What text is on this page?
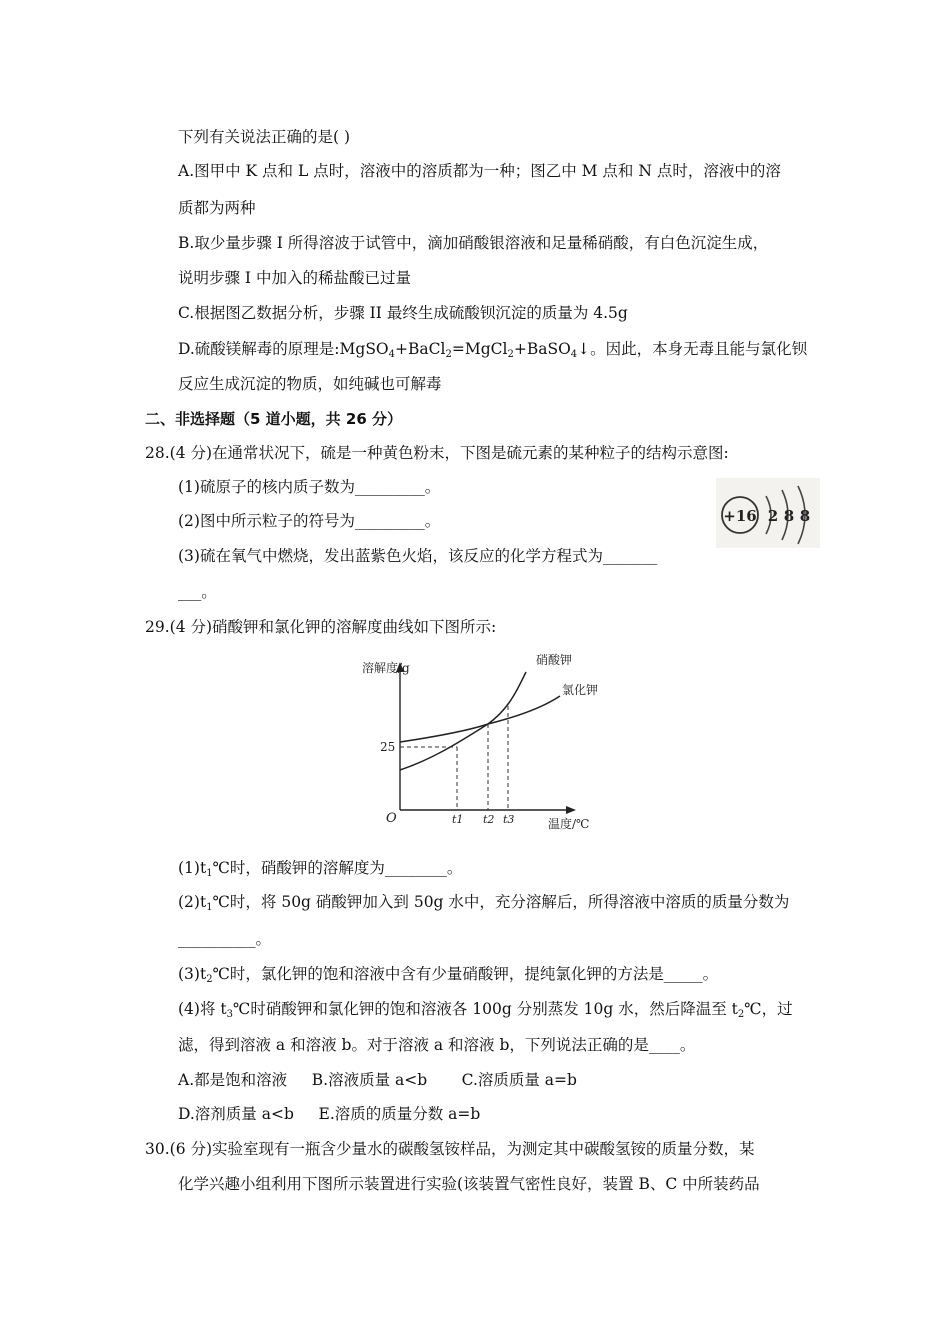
下列有关说法正确的是( )
A.图甲中 K 点和 L 点时，溶液中的溶质都为一种；图乙中 M 点和 N 点时，溶液中的溶
质都为两种
B.取少量步骤 I 所得溶波于试管中，滴加硝酸银溶液和足量稀硝酸，有白色沉淀生成，
说明步骤 I 中加入的稀盐酸已过量
C.根据图乙数据分析，步骤 II 最终生成硫酸钡沉淀的质量为 4.5g
D.硫酸镁解毒的原理是:MgSO$_4$+BaCl$_2$=MgCl$_2$+BaSO$_4$↓。因此，本身无毒且能与氯化钡
反应生成沉淀的物质，如纯碱也可解毒
二、非选择题（5 道小题，共 26 分）
28.(4 分)在通常状况下，硫是一种黄色粉末，下图是硫元素的某种粒子的结构示意图:
(1)硫原子的核内质子数为_________。
(2)图中所示粒子的符号为_________。
(3)硫在氧气中燃烧，发出蓝紫色火焰，该反应的化学方程式为_______
___。
+16 2 8 8
29.(4 分)硝酸钾和氯化钾的溶解度曲线如下图所示:
溶解度/g
温度/℃
O
25
硝酸钾
氯化钾
t1 t2 t3
$(1)t_1℃$时，硝酸钾的溶解度为________。
$(2)t_1℃$时，将 50g 硝酸钾加入到 50g 水中，充分溶解后，所得溶液中溶质的质量分数为
__________。
$(3)t_2℃$时，氯化钾的饱和溶液中含有少量硝酸钾，提纯氯化钾的方法是_____。
(4)将 $t_3℃$时硝酸钾和氯化钾的饱和溶液各 100g 分别蒸发 10g 水，然后降温至 $t_2℃$，过
滤，得到溶液 a 和溶液 b。对于溶液 a 和溶液 b，下列说法正确的是____。
A.都是饱和溶液     B.溶液质量 a<b       C.溶质质量 a=b
D.溶剂质量 a<b     E.溶质的质量分数 a=b
30.(6 分)实验室现有一瓶含少量水的碳酸氢铵样品，为测定其中碳酸氢铵的质量分数，某
化学兴趣小组利用下图所示装置进行实验(该装置气密性良好，装置 B、C 中所装药品
